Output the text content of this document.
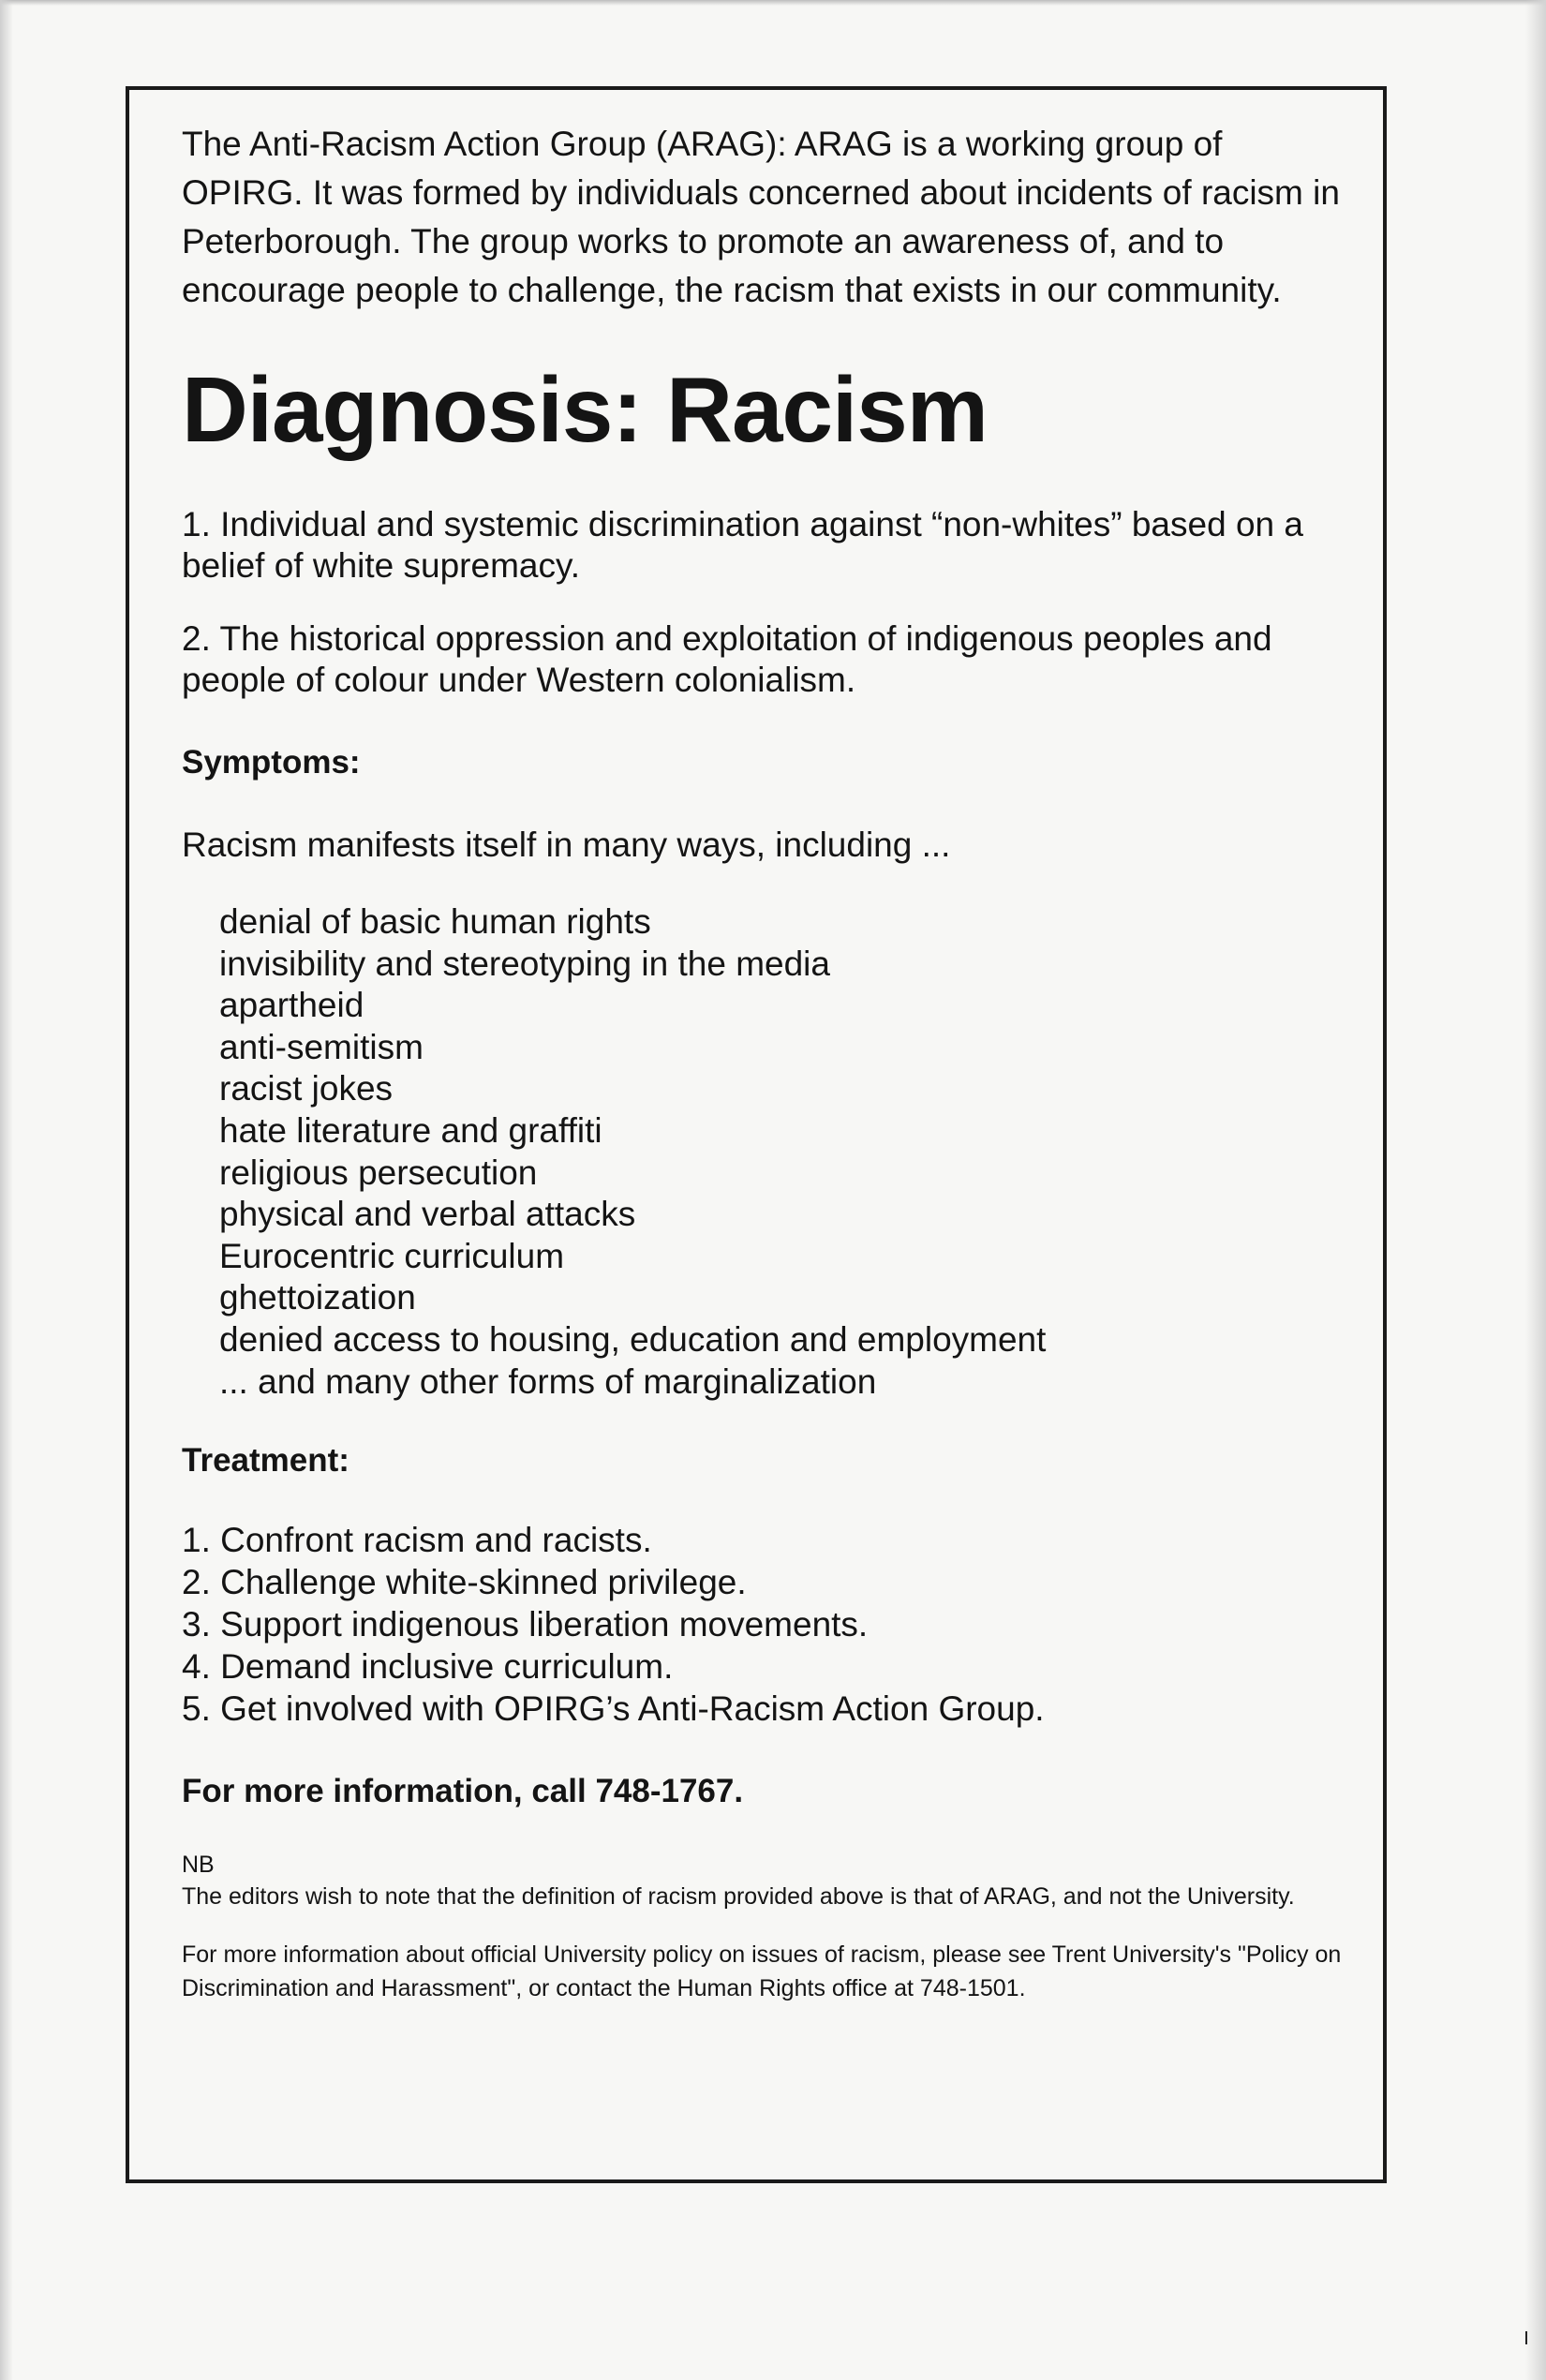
The Anti-Racism Action Group (ARAG): ARAG is a working group of OPIRG. It was formed by individuals concerned about incidents of racism in Peterborough. The group works to promote an awareness of, and to encourage people to challenge, the racism that exists in our community.

Diagnosis: Racism

1. Individual and systemic discrimination against “non-whites” based on a belief of white supremacy.

2. The historical oppression and exploitation of indigenous peoples and people of colour under Western colonialism.

Symptoms:

Racism manifests itself in many ways, including ...

denial of basic human rights
invisibility and stereotyping in the media
apartheid
anti-semitism
racist jokes
hate literature and graffiti
religious persecution
physical and verbal attacks
Eurocentric curriculum
ghettoization
denied access to housing, education and employment
... and many other forms of marginalization

Treatment:

1. Confront racism and racists.
2. Challenge white-skinned privilege.
3. Support indigenous liberation movements.
4. Demand inclusive curriculum.
5. Get involved with OPIRG’s Anti-Racism Action Group.

For more information, call 748-1767.

NB

The editors wish to note that the definition of racism provided above is that of ARAG, and not the University.

For more information about official University policy on issues of racism, please see Trent University's "Policy on Discrimination and Harassment", or contact the Human Rights office at 748-1501.
